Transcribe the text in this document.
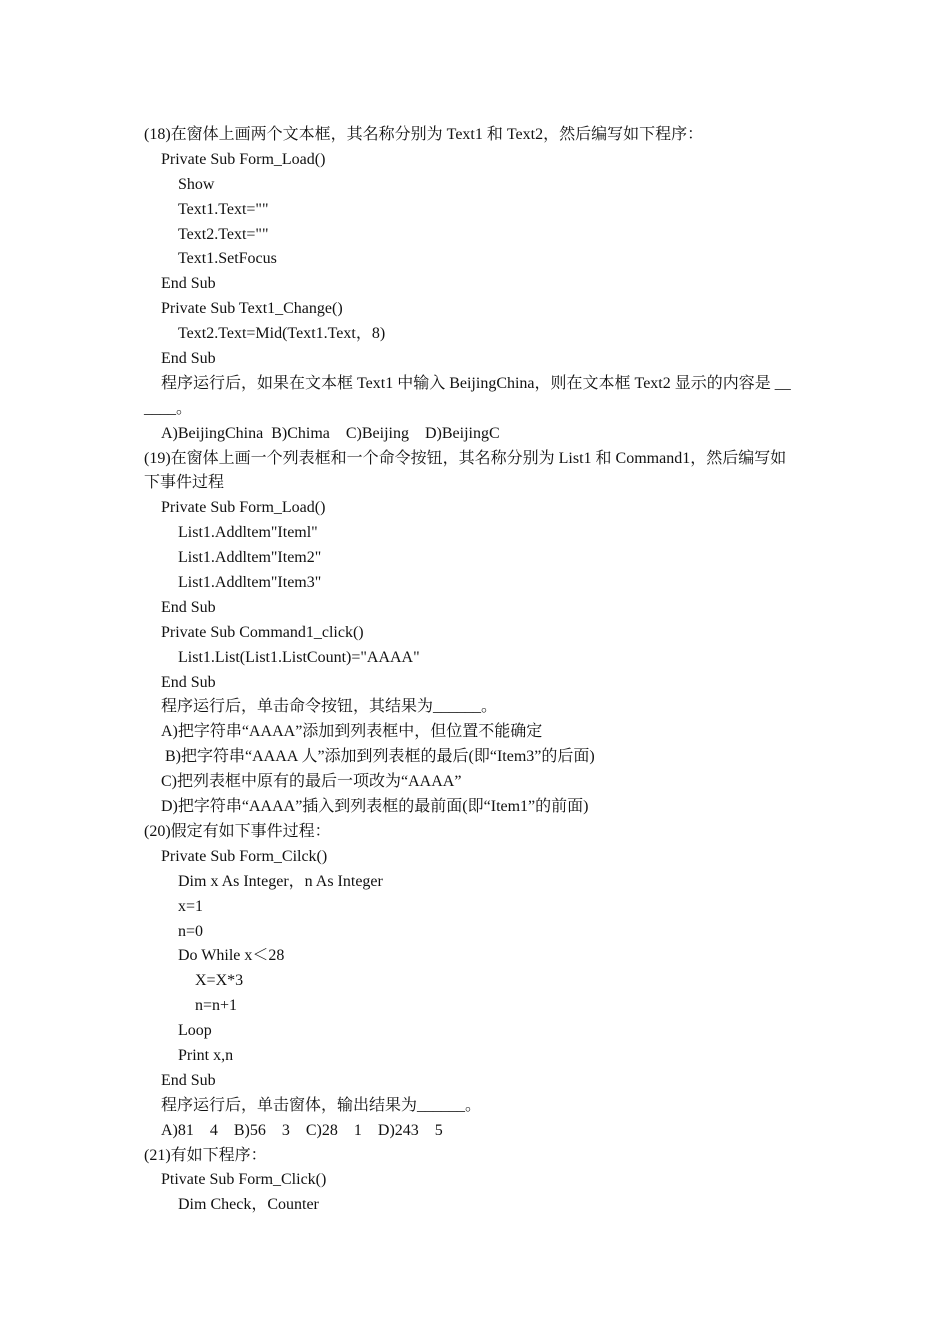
(18)在窗体上画两个文本框，其名称分别为 Text1 和 Text2，然后编写如下程序：
Private Sub Form_Load()
Show
Text1.Text=""
Text2.Text=""
Text1.SetFocus
End Sub
Private Sub Text1_Change()
Text2.Text=Mid(Text1.Text，8)
End Sub
程序运行后，如果在文本框 Text1 中输入 BeijingChina，则在文本框 Text2 显示的内容是 __
____。
A)BeijingChina  B)Chima    C)Beijing    D)BeijingC
(19)在窗体上画一个列表框和一个命令按钮，其名称分别为 List1 和 Command1，然后编写如
下事件过程
Private Sub Form_Load()
List1.Addltem"Iteml"
List1.Addltem"Item2"
List1.Addltem"Item3"
End Sub
Private Sub Command1_click()
List1.List(List1.ListCount)="AAAA"
End Sub
程序运行后，单击命令按钮，其结果为______。
A)把字符串“AAAA”添加到列表框中，但位置不能确定
B)把字符串“AAAA 人”添加到列表框的最后(即“Item3”的后面)
C)把列表框中原有的最后一项改为“AAAA”
D)把字符串“AAAA”插入到列表框的最前面(即“Item1”的前面)
(20)假定有如下事件过程：
Private Sub Form_Cilck()
Dim x As Integer，n As Integer
x=1
n=0
Do While x＜28
X=X*3
n=n+1
Loop
Print x,n
End Sub
程序运行后，单击窗体，输出结果为______。
A)81    4    B)56    3    C)28    1    D)243    5
(21)有如下程序：
Ptivate Sub Form_Click()
Dim Check，Counter
